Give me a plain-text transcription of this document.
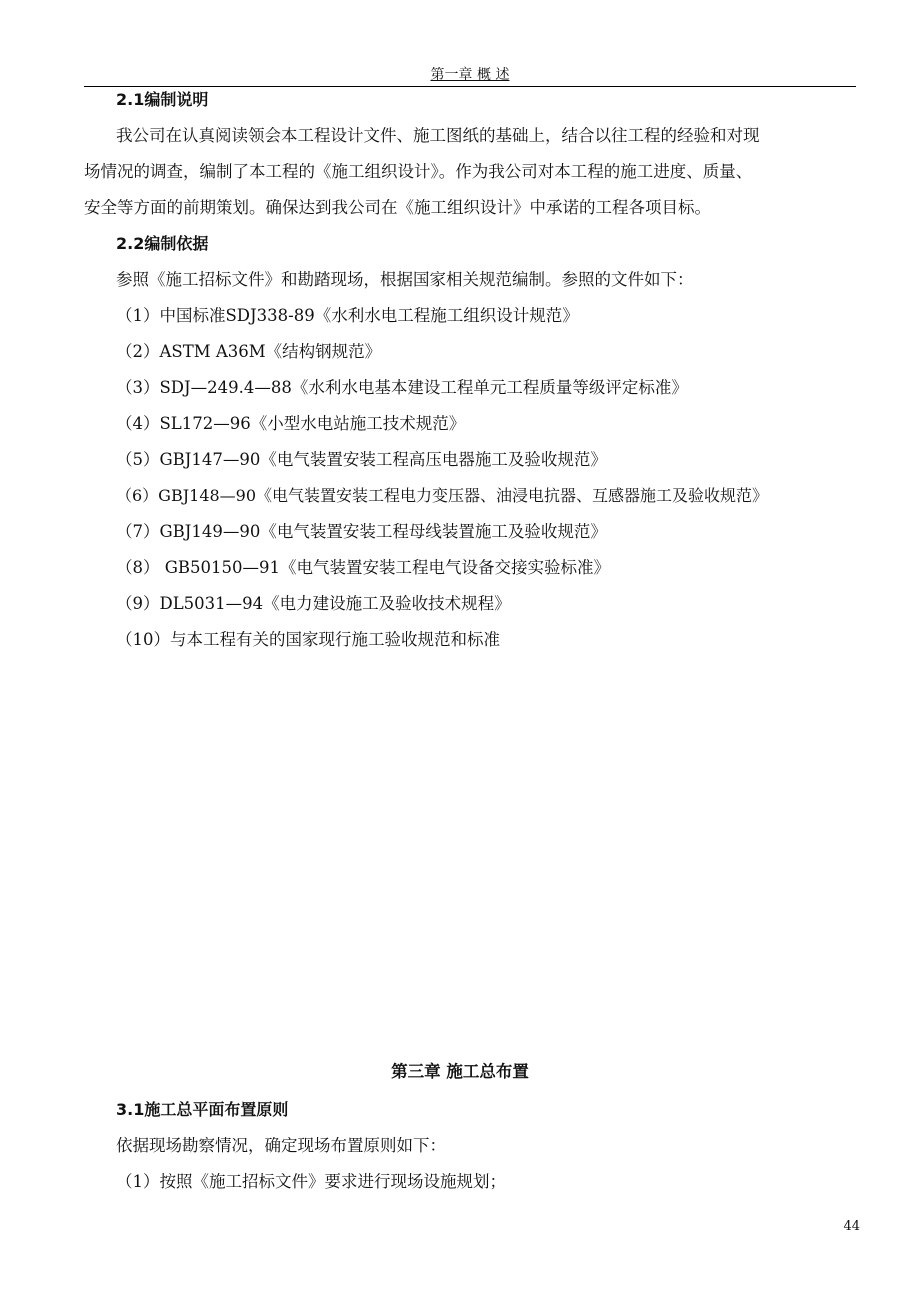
第一章 概 述
2.1编制说明
我公司在认真阅读领会本工程设计文件、施工图纸的基础上，结合以往工程的经验和对现
场情况的调查，编制了本工程的《施工组织设计》。作为我公司对本工程的施工进度、质量、
安全等方面的前期策划。确保达到我公司在《施工组织设计》中承诺的工程各项目标。
2.2编制依据
参照《施工招标文件》和勘踏现场，根据国家相关规范编制。参照的文件如下：
（1）中国标准SDJ338-89《水利水电工程施工组织设计规范》
（2）ASTM A36M《结构钢规范》
（3）SDJ—249.4—88《水利水电基本建设工程单元工程质量等级评定标准》
（4）SL172—96《小型水电站施工技术规范》
（5）GBJ147—90《电气装置安装工程高压电器施工及验收规范》
（6）GBJ148—90《电气装置安装工程电力变压器、油浸电抗器、互感器施工及验收规范》
（7）GBJ149—90《电气装置安装工程母线装置施工及验收规范》
（8） GB50150—91《电气装置安装工程电气设备交接实验标准》
（9）DL5031—94《电力建设施工及验收技术规程》
（10）与本工程有关的国家现行施工验收规范和标准
第三章 施工总布置
3.1施工总平面布置原则
依据现场勘察情况，确定现场布置原则如下：
（1）按照《施工招标文件》要求进行现场设施规划；
44
